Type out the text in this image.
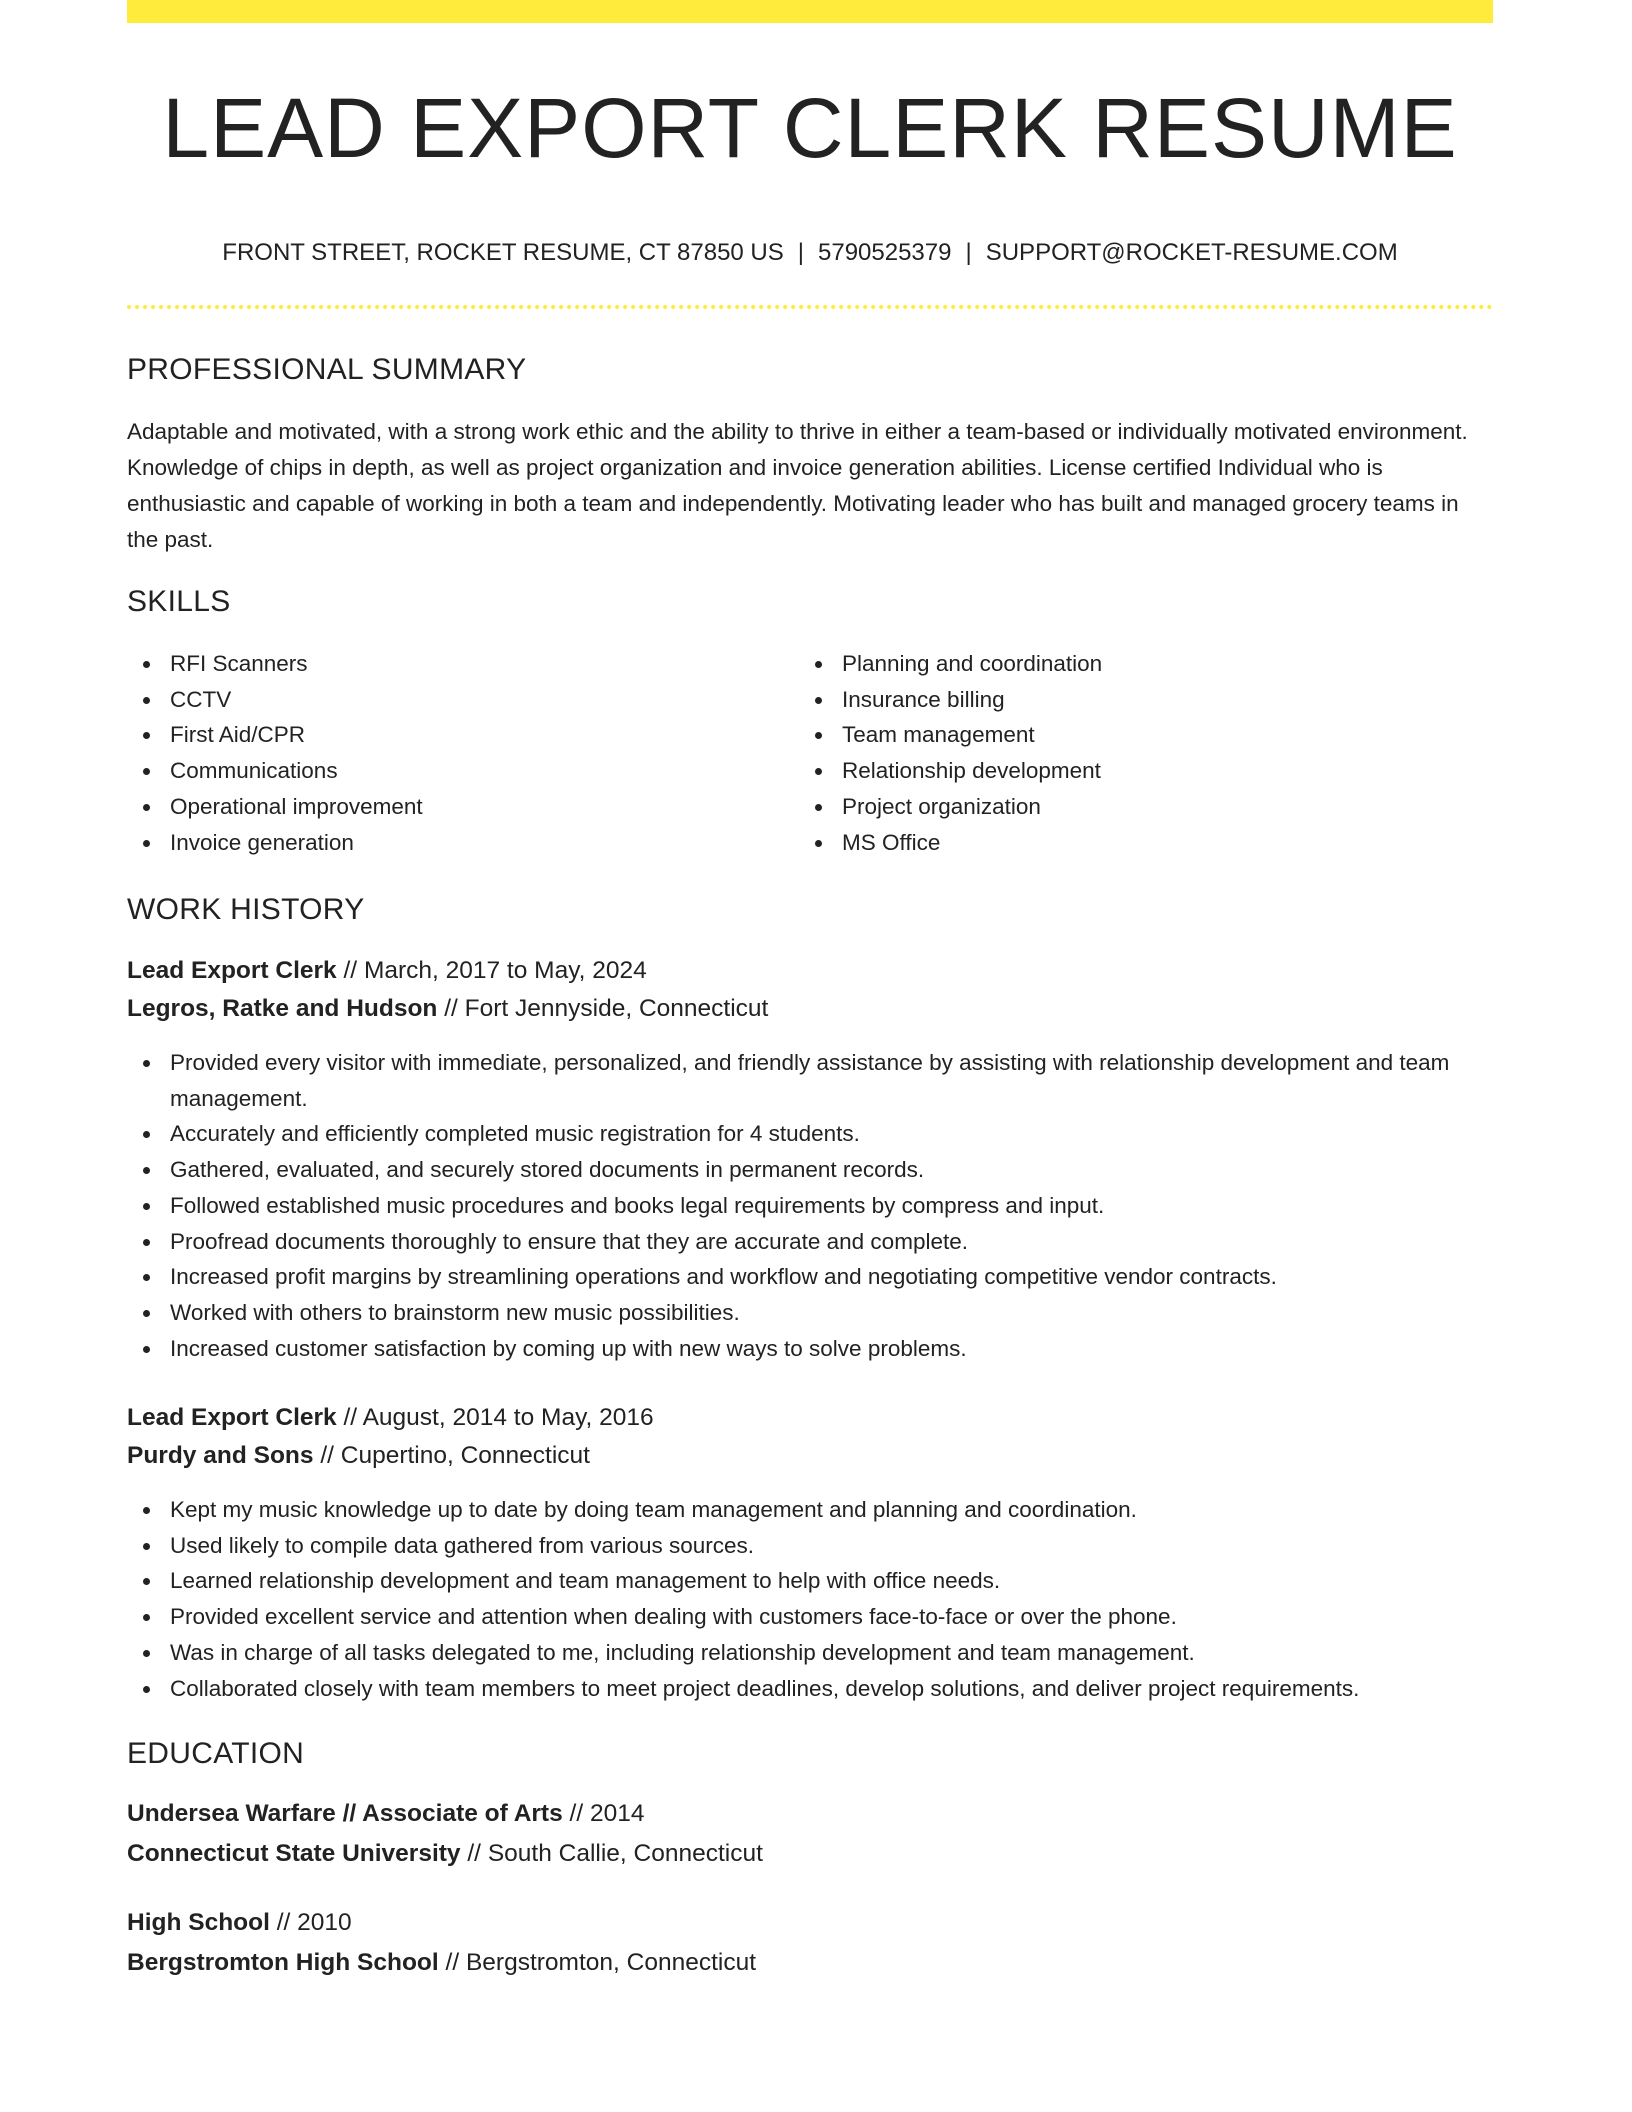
LEAD EXPORT CLERK RESUME
FRONT STREET, ROCKET RESUME, CT 87850 US | 5790525379 | SUPPORT@ROCKET-RESUME.COM
PROFESSIONAL SUMMARY

Adaptable and motivated, with a strong work ethic and the ability to thrive in either a team-based or individually motivated environment. Knowledge of chips in depth, as well as project organization and invoice generation abilities. License certified Individual who is enthusiastic and capable of working in both a team and independently. Motivating leader who has built and managed grocery teams in the past.

SKILLS
RFI Scanners
CCTV
First Aid/CPR
Communications
Operational improvement
Invoice generation
Planning and coordination
Insurance billing
Team management
Relationship development
Project organization
MS Office
WORK HISTORY
Lead Export Clerk // March, 2017 to May, 2024
Legros, Ratke and Hudson // Fort Jennyside, Connecticut
Provided every visitor with immediate, personalized, and friendly assistance by assisting with relationship development and team management.
Accurately and efficiently completed music registration for 4 students.
Gathered, evaluated, and securely stored documents in permanent records.
Followed established music procedures and books legal requirements by compress and input.
Proofread documents thoroughly to ensure that they are accurate and complete.
Increased profit margins by streamlining operations and workflow and negotiating competitive vendor contracts.
Worked with others to brainstorm new music possibilities.
Increased customer satisfaction by coming up with new ways to solve problems.
Lead Export Clerk // August, 2014 to May, 2016
Purdy and Sons // Cupertino, Connecticut
Kept my music knowledge up to date by doing team management and planning and coordination.
Used likely to compile data gathered from various sources.
Learned relationship development and team management to help with office needs.
Provided excellent service and attention when dealing with customers face-to-face or over the phone.
Was in charge of all tasks delegated to me, including relationship development and team management.
Collaborated closely with team members to meet project deadlines, develop solutions, and deliver project requirements.
EDUCATION
Undersea Warfare // Associate of Arts // 2014
Connecticut State University // South Callie, Connecticut
High School // 2010
Bergstromton High School // Bergstromton, Connecticut
